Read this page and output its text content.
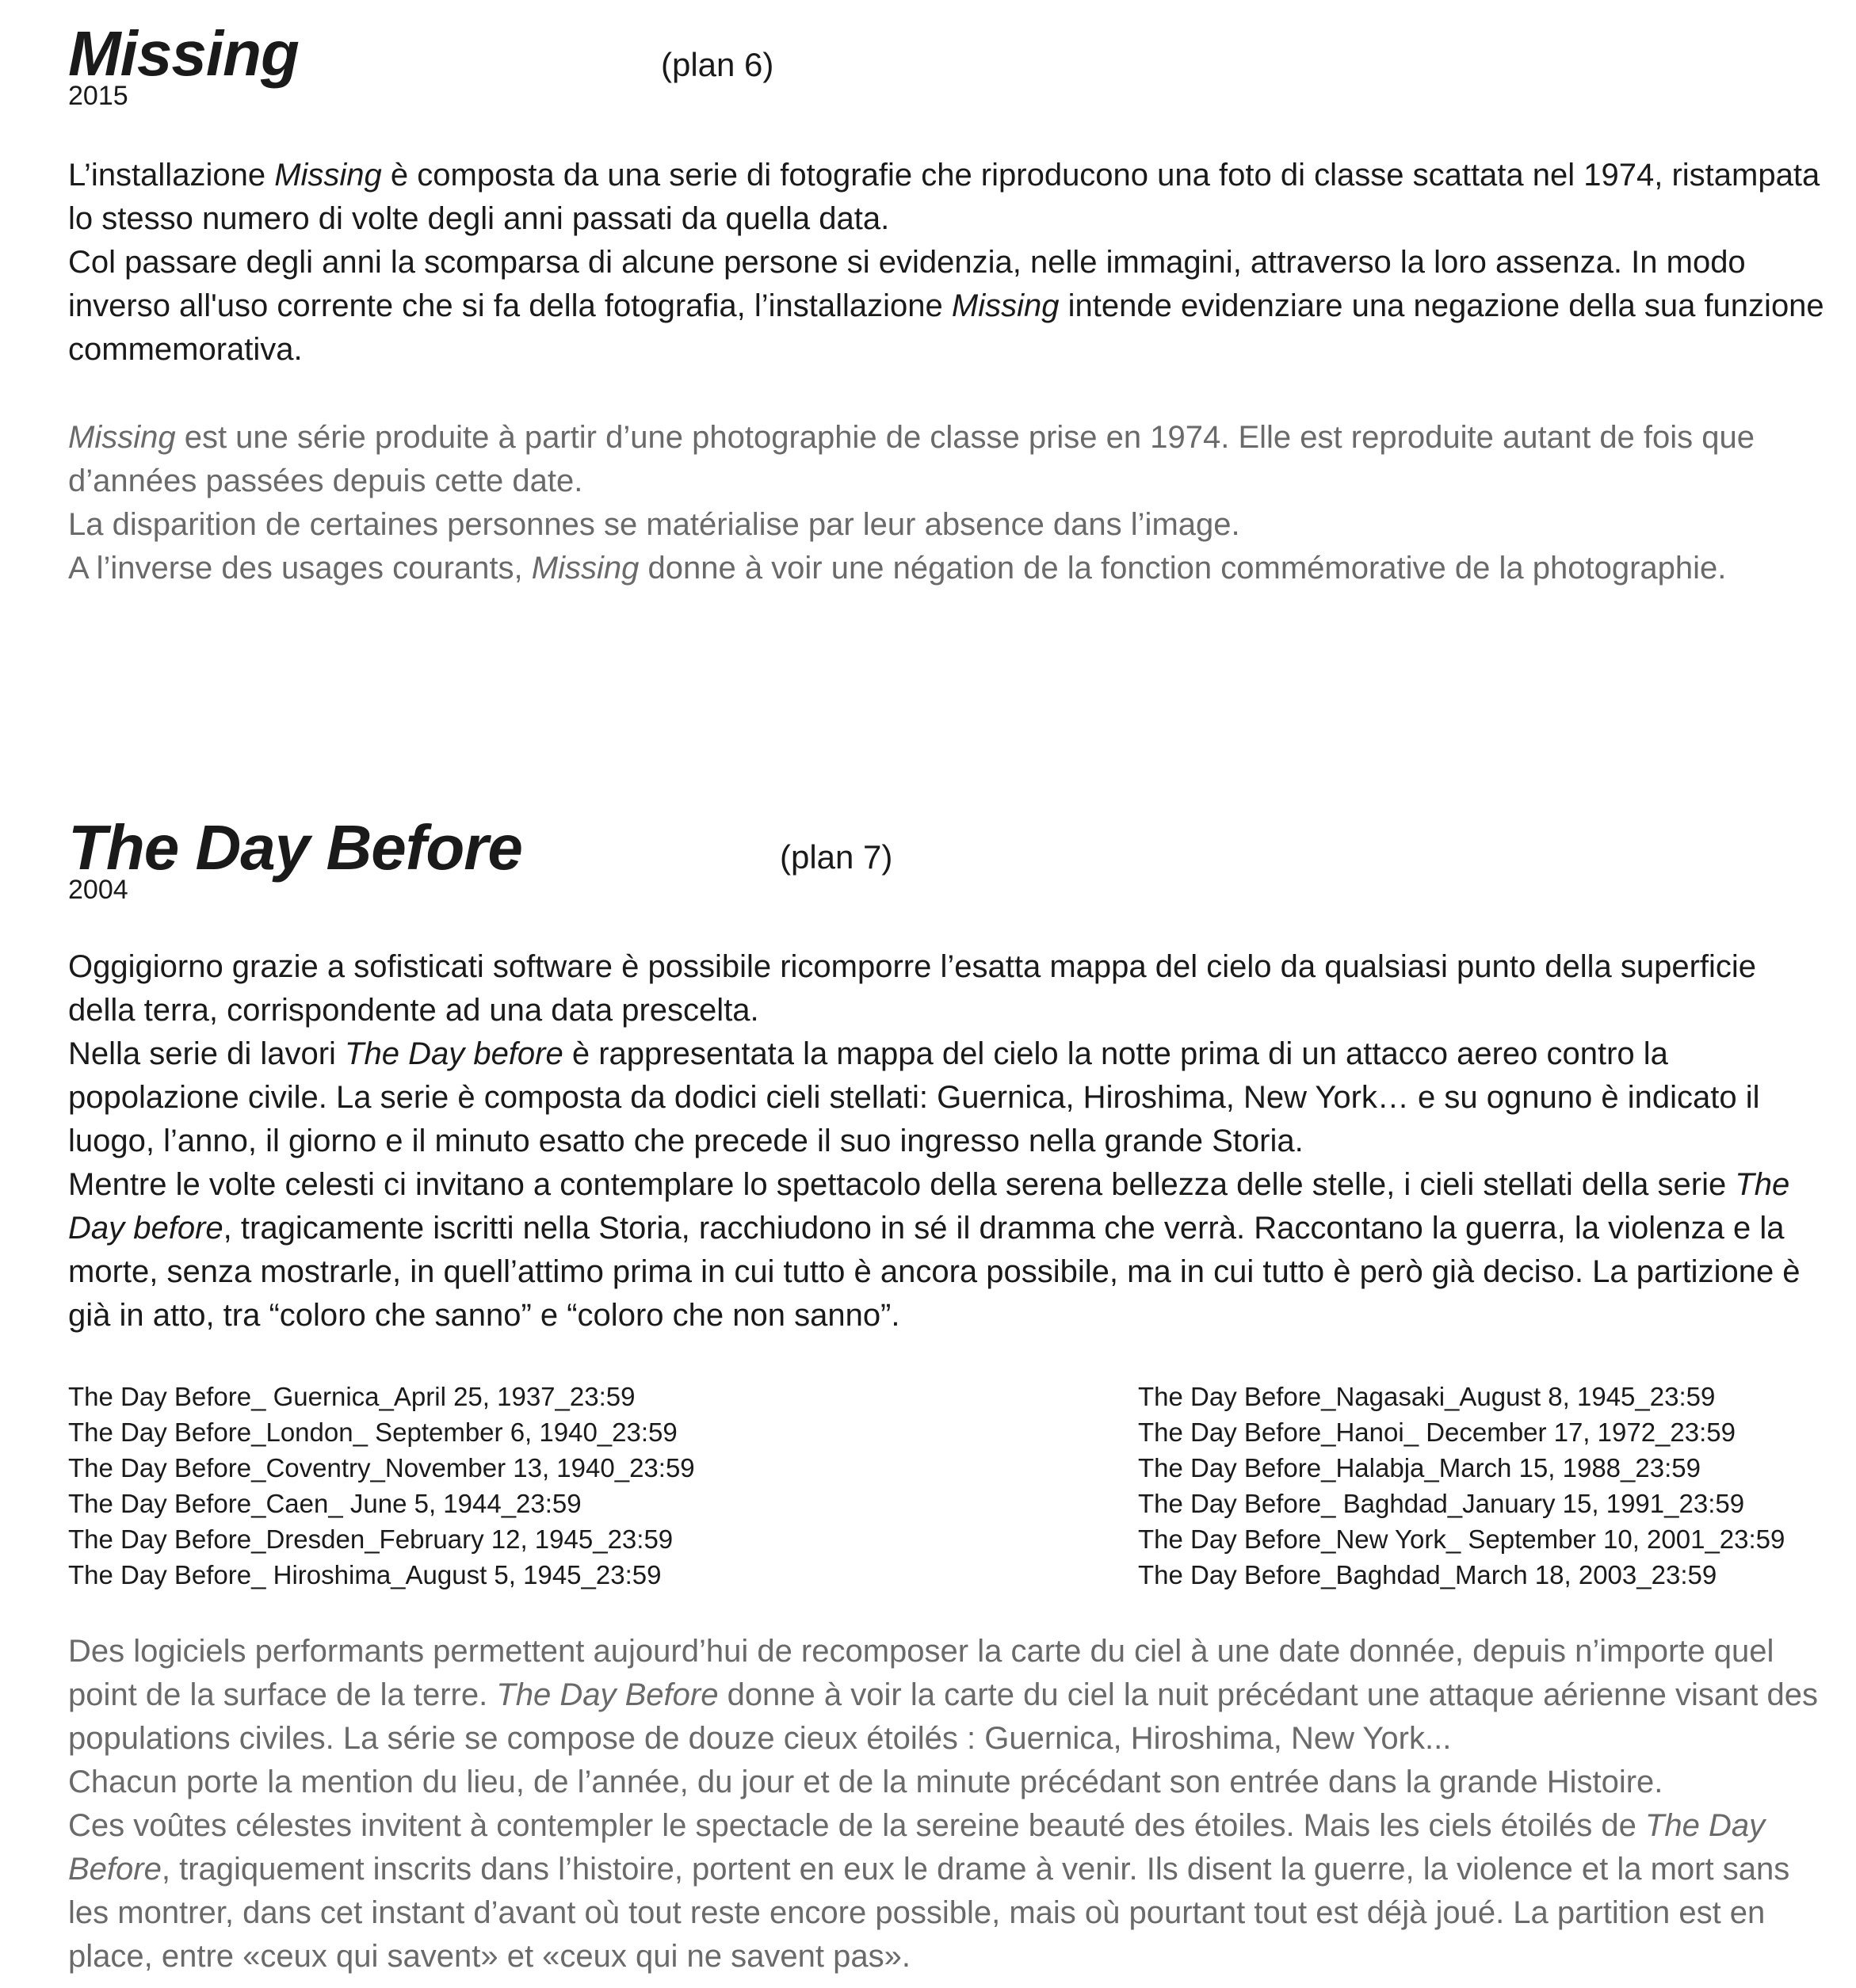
Missing

2015

(plan 6)

L’installazione Missing è composta da una serie di fotografie che riproducono una foto di classe scattata nel 1974, ristampata lo stesso numero di volte degli anni passati da quella data.

Col passare degli anni la scomparsa di alcune persone si evidenzia, nelle immagini, attraverso la loro assenza. In modo inverso all'uso corrente che si fa della fotografia, l’installazione Missing intende evidenziare una negazione della sua funzione commemorativa.

Missing est une série produite à partir d’une photographie de classe prise en 1974. Elle est reproduite autant de fois que d’années passées depuis cette date.

La disparition de certaines personnes se matérialise par leur absence dans l’image.

A l’inverse des usages courants, Missing donne à voir une négation de la fonction commémorative de la photographie.

The Day Before

2004

(plan 7)

Oggigiorno grazie a sofisticati software è possibile ricomporre l’esatta mappa del cielo da qualsiasi punto della superficie della terra, corrispondente ad una data prescelta.

Nella serie di lavori The Day before è rappresentata la mappa del cielo la notte prima di un attacco aereo contro la popolazione civile. La serie è composta da dodici cieli stellati: Guernica, Hiroshima, New York… e su ognuno è indicato il luogo, l’anno, il giorno e il minuto esatto che precede il suo ingresso nella grande Storia.

Mentre le volte celesti ci invitano a contemplare lo spettacolo della serena bellezza delle stelle, i cieli stellati della serie The Day before, tragicamente iscritti nella Storia, racchiudono in sé il dramma che verrà. Raccontano la guerra, la violenza e la morte, senza mostrarle, in quell’attimo prima in cui tutto è ancora possibile, ma in cui tutto è però già deciso. La partizione è già in atto, tra “coloro che sanno” e “coloro che non sanno”.

The Day Before_ Guernica_April 25, 1937_23:59
The Day Before_London_ September 6, 1940_23:59
The Day Before_Coventry_November 13, 1940_23:59
The Day Before_Caen_ June 5, 1944_23:59
The Day Before_Dresden_February 12, 1945_23:59
The Day Before_ Hiroshima_August 5, 1945_23:59
The Day Before_Nagasaki_August 8, 1945_23:59
The Day Before_Hanoi_ December 17, 1972_23:59
The Day Before_Halabja_March 15, 1988_23:59
The Day Before_ Baghdad_January 15, 1991_23:59
The Day Before_New York_ September 10, 2001_23:59
The Day Before_Baghdad_March 18, 2003_23:59

Des logiciels performants permettent aujourd’hui de recomposer la carte du ciel à une date donnée, depuis n’importe quel point de la surface de la terre. The Day Before donne à voir la carte du ciel la nuit précédant une attaque aérienne visant des populations civiles. La série se compose de douze cieux étoilés : Guernica, Hiroshima, New York...

Chacun porte la mention du lieu, de l’année, du jour et de la minute précédant son entrée dans la grande Histoire.

Ces voûtes célestes invitent à contempler le spectacle de la sereine beauté des étoiles. Mais les ciels étoilés de The Day Before, tragiquement inscrits dans l’histoire, portent en eux le drame à venir. Ils disent la guerre, la violence et la mort sans les montrer, dans cet instant d’avant où tout reste encore possible, mais où pourtant tout est déjà joué. La partition est en place, entre «ceux qui savent» et «ceux qui ne savent pas».
